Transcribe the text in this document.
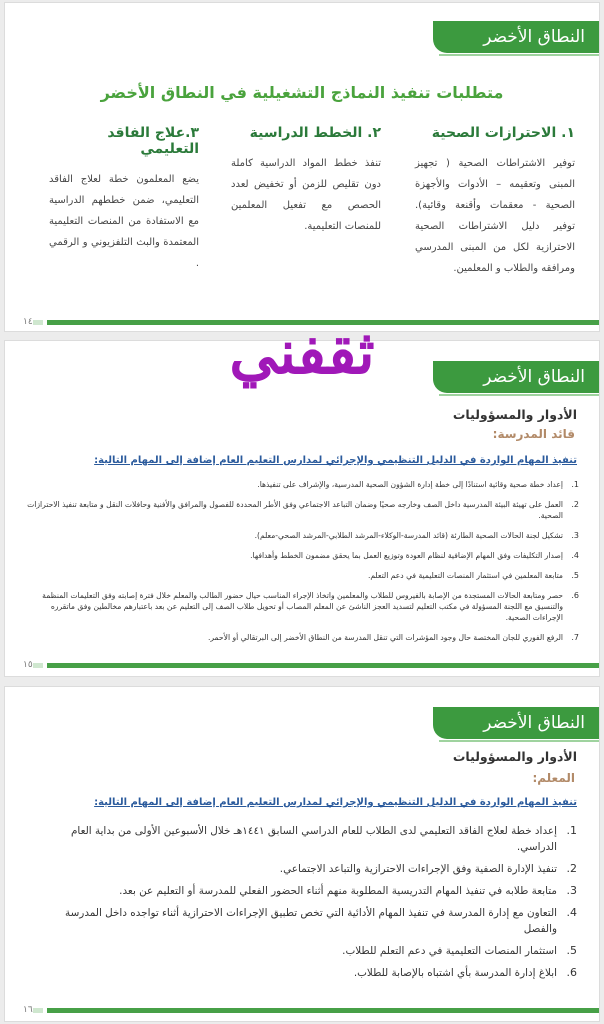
النطاق الأخضر
متطلبات تنفيذ النماذج التشغيلية في النطاق الأخضر
١. الاحترازات الصحية

توفير الاشتراطات الصحية ( تجهيز المبنى وتعقيمه – الأدوات والأجهزة الصحية - معقمات وأقنعة وقائية). توفير دليل الاشتراطات الصحية الاحترازية لكل من المبنى المدرسي ومرافقه والطلاب و المعلمين.

٢. الخطط الدراسية

تنفذ خطط المواد الدراسية كاملة دون تقليص للزمن أو تخفيض لعدد الحصص مع تفعيل المعلمين للمنصات التعليمية.

٣.علاج الفاقد التعليمي

يضع المعلمون خطة لعلاج الفاقد التعليمي، ضمن خططهم الدراسية مع الاستفادة من المنصات التعليمية المعتمدة والبث التلفزيوني و الرقمي .

١٤
النطاق الأخضر
الأدوار والمسؤوليات
قائد المدرسة:
تنفيذ المهام الواردة في الدليل التنظيمي والإجرائي لمدارس التعليم العام إضافة إلى المهام التالية:
1.
إعداد خطة صحية وقائية استنادًا إلى خطة إدارة الشؤون الصحية المدرسية، والإشراف على تنفيذها.
2.
العمل على تهيئة البيئة المدرسية داخل الصف وخارجه صحيًا وضمان التباعد الاجتماعي وفق الأطر المحددة للفصول والمرافق والأفنية وحافلات النقل و متابعة تنفيذ الاحترازات الصحية.
3.
تشكيل لجنة الحالات الصحية الطارئة (قائد المدرسة-الوكلاء-المرشد الطلابي-المرشد الصحي-معلم).
4.
إصدار التكليفات وفق المهام الإضافية لنظام العودة وتوزيع العمل بما يحقق مضمون الخطط وأهدافها.
5.
متابعة المعلمين في استثمار المنصات التعليمية في دعم التعلم.
6.
حصر ومتابعة الحالات المستجدة من الإصابة بالفيروس للطلاب والمعلمين واتخاذ الإجراء المناسب حيال حضور الطالب والمعلم خلال فترة إصابته وفق التعليمات المنظمة والتنسيق مع اللجنة المسؤولة في مكتب التعليم لتسديد العجز الناشئ عن المعلم المصاب أو تحويل طلاب الصف إلى التعليم عن بعد باعتبارهم مخالطين وفق ماتقرره الإجراءات الصحية.
7.
الرفع الفوري للجان المختصة حال وجود المؤشرات التي تنقل المدرسة من النطاق الأخضر إلى البرتقالي أو الأحمر.
١٥
النطاق الأخضر
الأدوار والمسؤوليات
المعلم:
تنفيذ المهام الواردة في الدليل التنظيمي والإجرائي لمدارس التعليم العام إضافة إلى المهام التالية:
1.
إعداد خطة لعلاج الفاقد التعليمي لدى الطلاب للعام الدراسي السابق ١٤٤١هـ خلال الأسبوعين الأولى من بداية العام الدراسي.
2.
تنفيذ الإدارة الصفية وفق الإجراءات الاحترازية والتباعد الاجتماعي.
3.
متابعة طلابه في تنفيذ المهام التدريسية المطلوبة منهم أثناء الحضور الفعلي للمدرسة أو التعليم عن بعد.
4.
التعاون مع إدارة المدرسة في تنفيذ المهام الأدائية التي تخص تطبيق الإجراءات الاحترازية أثناء تواجده داخل المدرسة والفصل
5.
استثمار المنصات التعليمية في دعم التعلم للطلاب.
6.
ابلاغ إدارة المدرسة بأي اشتباه بالإصابة للطلاب.
١٦
ثقفني
